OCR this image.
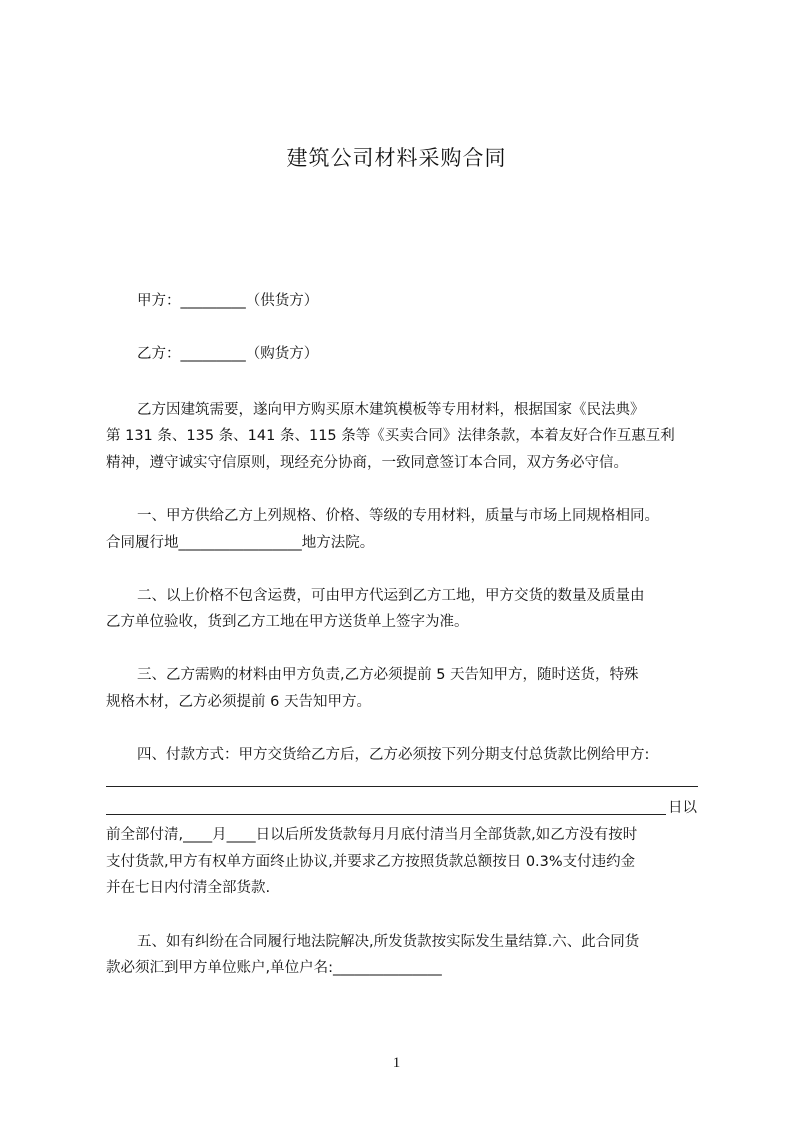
建筑公司材料采购合同
甲方：_________（供货方）
乙方：_________（购货方）
乙方因建筑需要，遂向甲方购买原木建筑模板等专用材料，根据国家《民法典》
第 131 条、135 条、141 条、115 条等《买卖合同》法律条款，本着友好合作互惠互利
精神，遵守诚实守信原则，现经充分协商，一致同意签订本合同，双方务必守信。
一、甲方供给乙方上列规格、价格、等级的专用材料，质量与市场上同规格相同。
合同履行地_________________地方法院。
二、以上价格不包含运费，可由甲方代运到乙方工地，甲方交货的数量及质量由
乙方单位验收，货到乙方工地在甲方送货单上签字为准。
三、乙方需购的材料由甲方负责,乙方必须提前 5 天告知甲方，随时送货，特殊
规格木材，乙方必须提前 6 天告知甲方。
四、付款方式：甲方交货给乙方后，乙方必须按下列分期支付总货款比例给甲方:
日以
前全部付清,____月____日以后所发货款每月月底付清当月全部货款,如乙方没有按时
支付货款,甲方有权单方面终止协议,并要求乙方按照货款总额按日 0.3%支付违约金
并在七日内付清全部货款.
五、如有纠纷在合同履行地法院解决,所发货款按实际发生量结算.六、此合同货
款必须汇到甲方单位账户,单位户名:_______________
1
